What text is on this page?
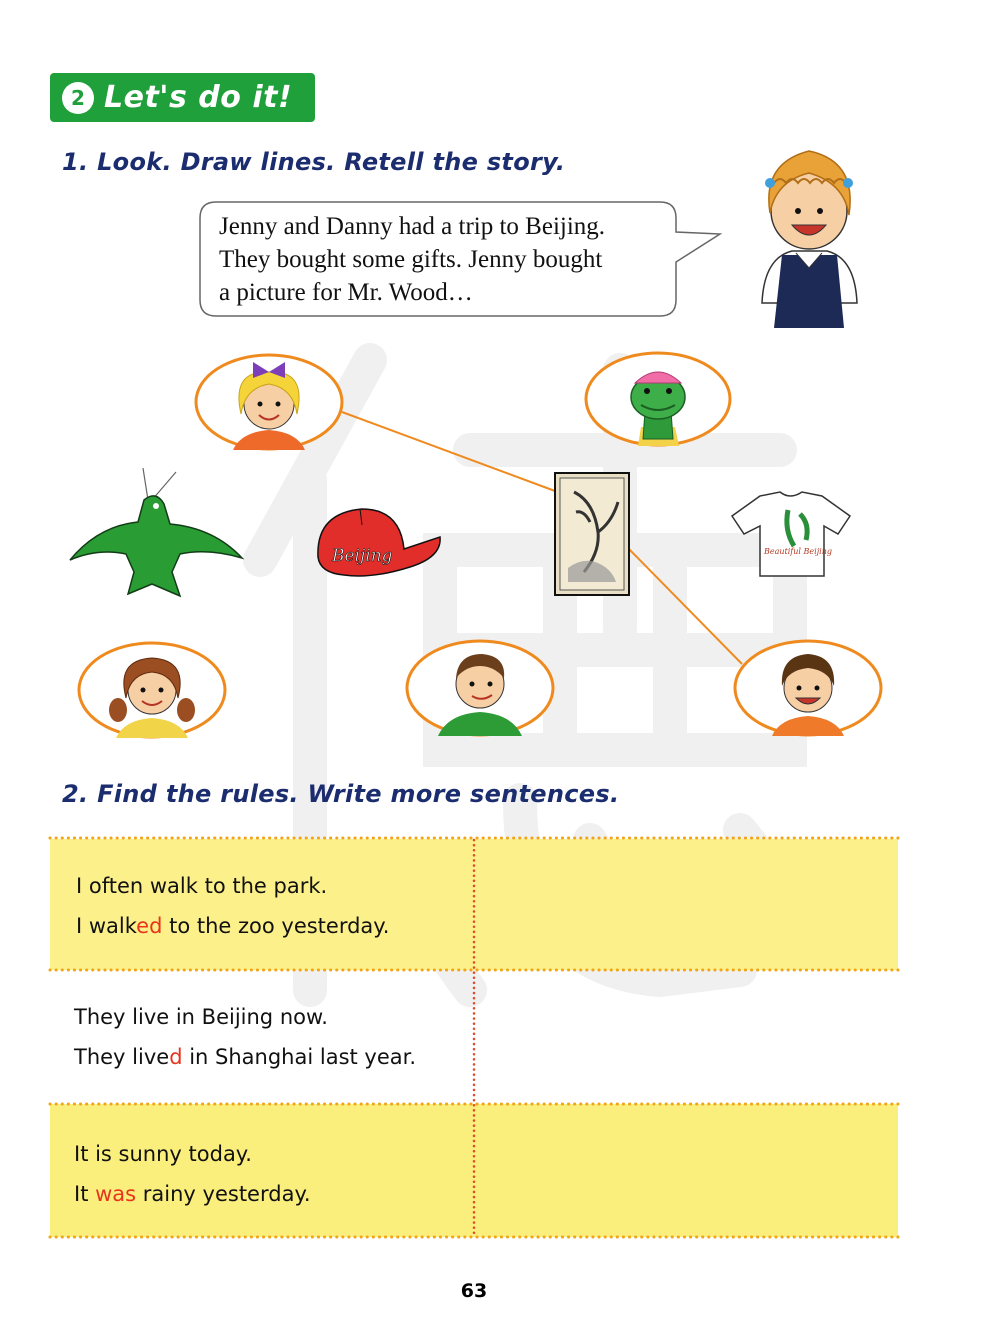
2 Let's do it!
1. Look. Draw lines. Retell the story.
Jenny and Danny had a trip to Beijing.
They bought some gifts. Jenny bought
a picture for Mr. Wood…
Beijing	Beautiful Beijing
2. Find the rules. Write more sentences.
I often walk to the park.
I walked to the zoo yesterday.
They live in Beijing now.
They lived in Shanghai last year.
It is sunny today.
It was rainy yesterday.
63
